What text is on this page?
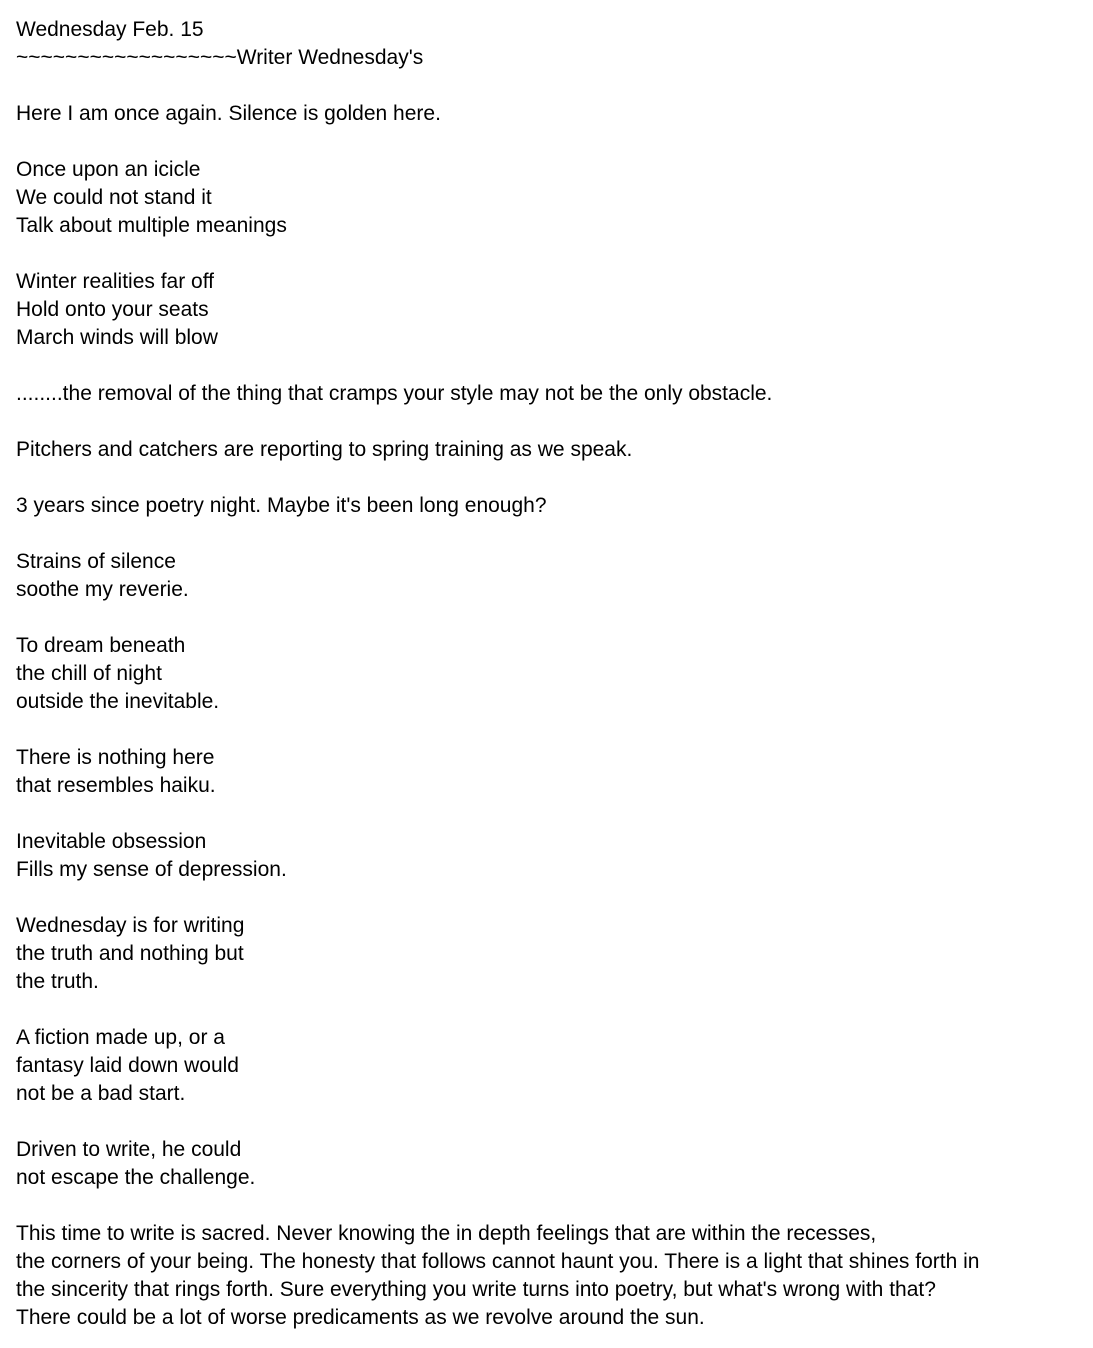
Wednesday Feb. 15
~~~~~~~~~~~~~~~~~~Writer Wednesday's
Here I am once again. Silence is golden here.
Once upon an icicle
We could not stand it
Talk about multiple meanings
Winter realities far off
Hold onto your seats
March winds will blow
........the removal of the thing that cramps your style may not be the only obstacle.
Pitchers and catchers are reporting to spring training as we speak.
3 years since poetry night. Maybe it's been long enough?
Strains of silence
soothe my reverie.
To dream beneath
the chill of night
outside the inevitable.
There is nothing here
that resembles haiku.
Inevitable obsession
Fills my sense of depression.
Wednesday is for writing
the truth and nothing but
the truth.
A fiction made up, or a
fantasy laid down would
not be a bad start.
Driven to write, he could
not escape the challenge.
This time to write is sacred. Never knowing the in depth feelings that are within the recesses,
the corners of your being. The honesty that follows cannot haunt you. There is a light that shines forth in
the sincerity that rings forth. Sure everything you write turns into poetry, but what's wrong with that?
There could be a lot of worse predicaments as we revolve around the sun.
